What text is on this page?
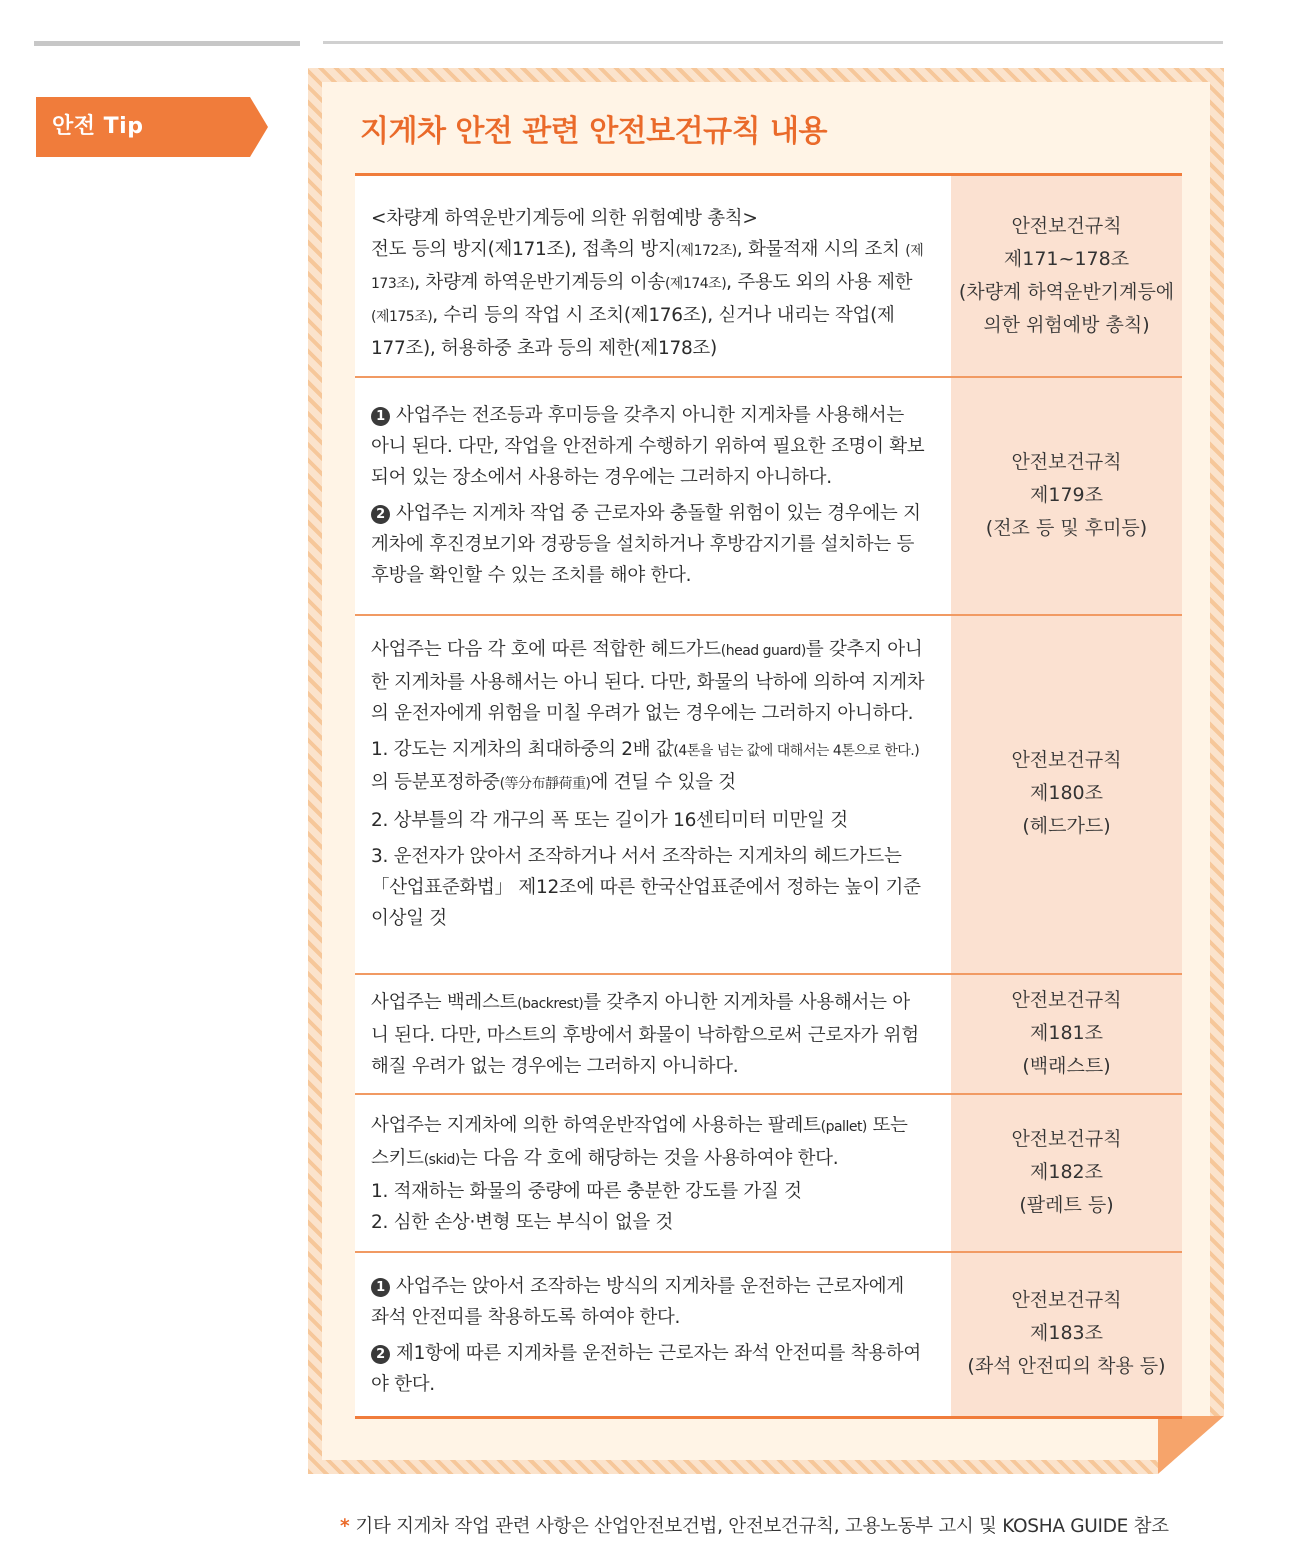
안전 Tip	지게차 안전 관련 안전보건규칙 내용
<차량계 하역운반기계등에 의한 위험예방 총칙>
전도 등의 방지(제171조), 접촉의 방지(제172조), 화물적재 시의 조치 (제173조), 차량계 하역운반기계등의 이송(제174조), 주용도 외의 사용 제한(제175조), 수리 등의 작업 시 조치(제176조), 싣거나 내리는 작업(제177조), 허용하중 초과 등의 제한(제178조)
안전보건규칙
제171~178조
(차량계 하역운반기계등에
의한 위험예방 총칙)

1 사업주는 전조등과 후미등을 갖추지 아니한 지게차를 사용해서는 아니 된다. 다만, 작업을 안전하게 수행하기 위하여 필요한 조명이 확보되어 있는 장소에서 사용하는 경우에는 그러하지 아니하다.

2 사업주는 지게차 작업 중 근로자와 충돌할 위험이 있는 경우에는 지게차에 후진경보기와 경광등을 설치하거나 후방감지기를 설치하는 등 후방을 확인할 수 있는 조치를 해야 한다.

안전보건규칙
제179조
(전조 등 및 후미등)

사업주는 다음 각 호에 따른 적합한 헤드가드(head guard)를 갖추지 아니한 지게차를 사용해서는 아니 된다. 다만, 화물의 낙하에 의하여 지게차의 운전자에게 위험을 미칠 우려가 없는 경우에는 그러하지 아니하다.

1. 강도는 지게차의 최대하중의 2배 값(4톤을 넘는 값에 대해서는 4톤으로 한다.)의 등분포정하중(等分布靜荷重)에 견딜 수 있을 것

2. 상부틀의 각 개구의 폭 또는 길이가 16센티미터 미만일 것

3. 운전자가 앉아서 조작하거나 서서 조작하는 지게차의 헤드가드는 「산업표준화법」 제12조에 따른 한국산업표준에서 정하는 높이 기준 이상일 것

안전보건규칙
제180조
(헤드가드)
사업주는 백레스트(backrest)를 갖추지 아니한 지게차를 사용해서는 아니 된다. 다만, 마스트의 후방에서 화물이 낙하함으로써 근로자가 위험해질 우려가 없는 경우에는 그러하지 아니하다.
안전보건규칙
제181조
(백래스트)
사업주는 지게차에 의한 하역운반작업에 사용하는 팔레트(pallet) 또는 스키드(skid)는 다음 각 호에 해당하는 것을 사용하여야 한다.
1. 적재하는 화물의 중량에 따른 충분한 강도를 가질 것
2. 심한 손상·변형 또는 부식이 없을 것
안전보건규칙
제182조
(팔레트 등)

1 사업주는 앉아서 조작하는 방식의 지게차를 운전하는 근로자에게 좌석 안전띠를 착용하도록 하여야 한다.

2 제1항에 따른 지게차를 운전하는 근로자는 좌석 안전띠를 착용하여야 한다.

안전보건규칙
제183조
(좌석 안전띠의 착용 등)
* 기타 지게차 작업 관련 사항은 산업안전보건법, 안전보건규칙, 고용노동부 고시 및 KOSHA GUIDE 참조
